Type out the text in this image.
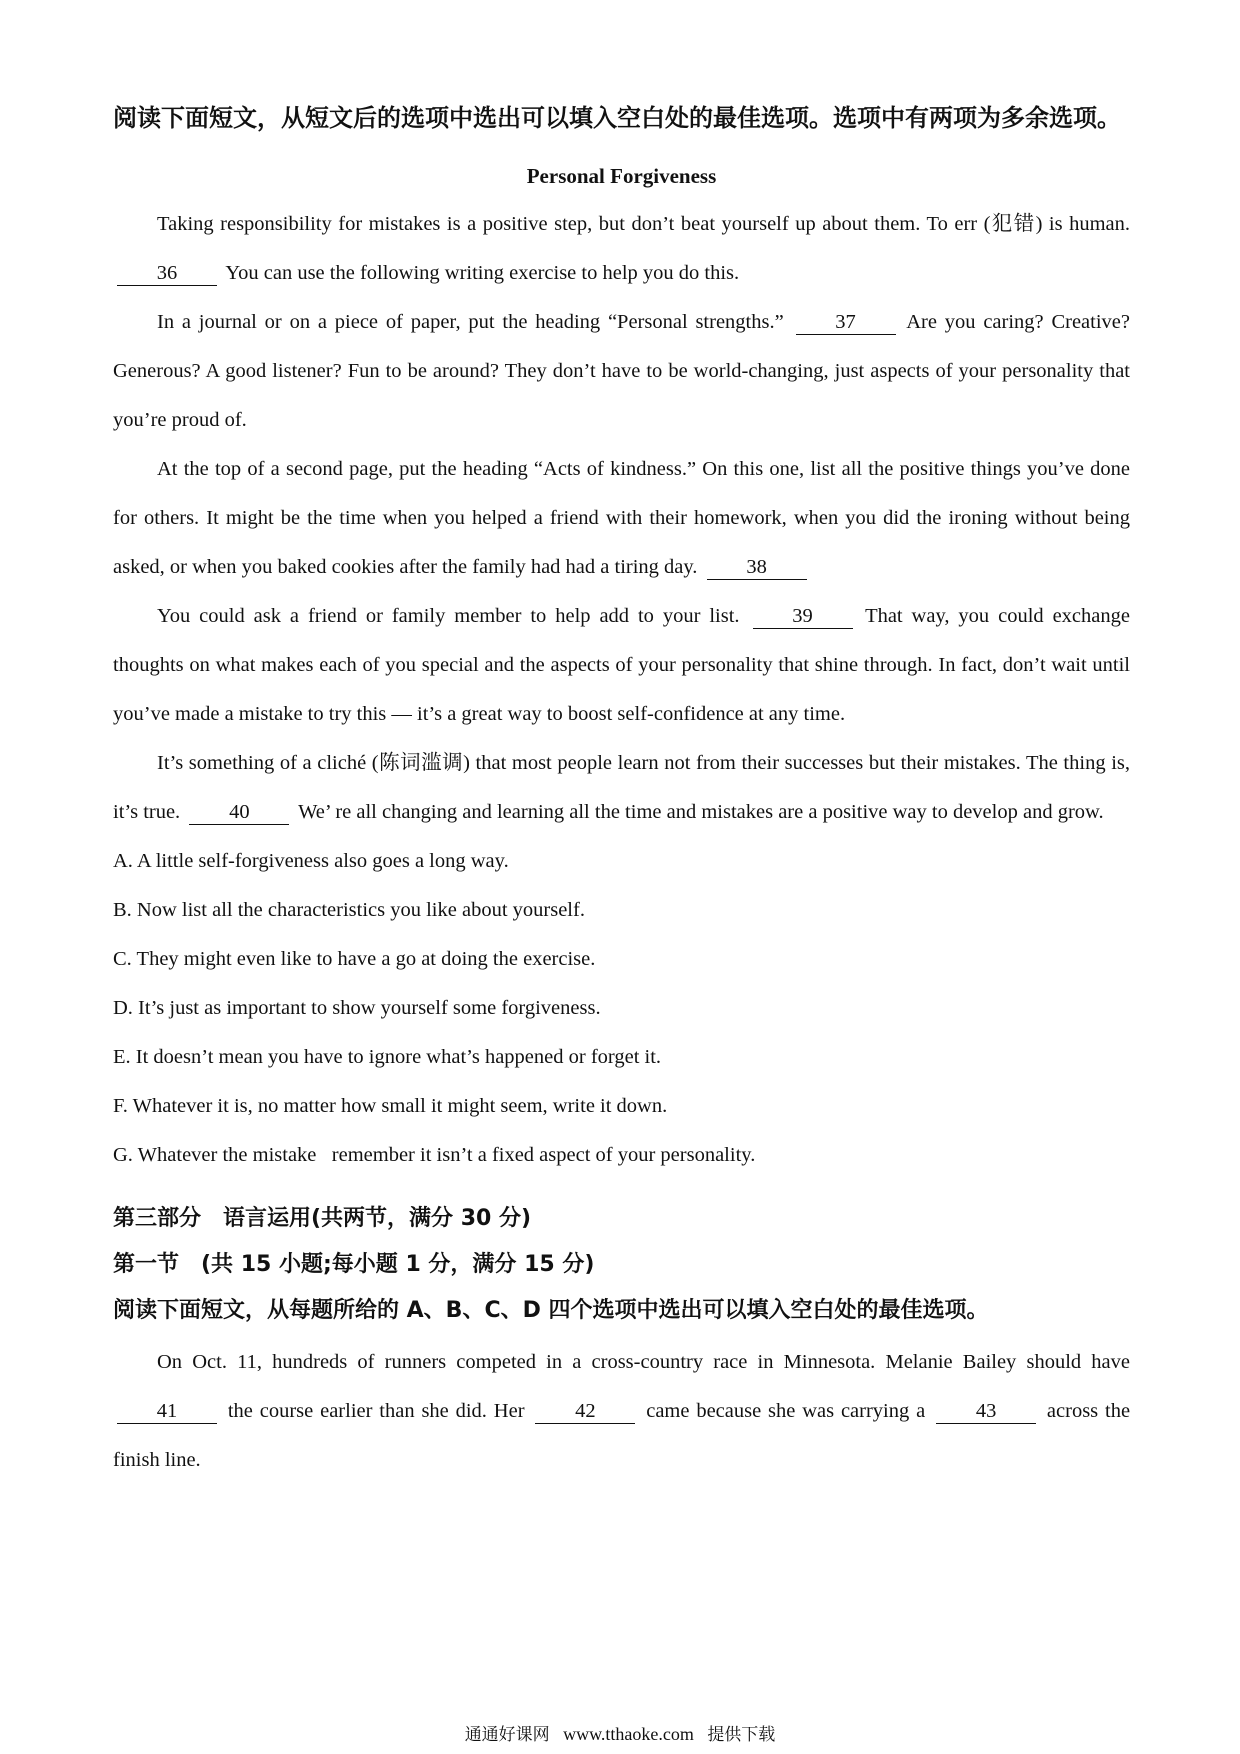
阅读下面短文，从短文后的选项中选出可以填入空白处的最佳选项。选项中有两项为多余选项。

Personal Forgiveness

Taking responsibility for mistakes is a positive step, but don’t beat yourself up about them. To err (犯错) is human. 36 You can use the following writing exercise to help you do this.

In a journal or on a piece of paper, put the heading “Personal strengths.”	37 Are you caring? Creative? Generous? A good listener? Fun to be around? They don’t have to be world-changing, just aspects of your personality that you’re proud of.

At the top of a second page, put the heading “Acts of kindness.” On this one, list all the positive things you’ve done for others. It might be the time when you helped a friend with their homework, when you did the ironing without being asked, or when you baked cookies after the family had had a tiring day. 38

You could ask a friend or family member to help add to your list.	39	That way, you could exchange thoughts on what makes each of you special and the aspects of your personality that shine through. In fact, don’t wait until you’ve made a mistake to try this — it’s a great way to boost self-confidence at any time.

It’s something of a cliché (陈词滥调) that most people learn not from their successes but their mistakes. The thing is, it’s true. 40 We’ re all changing and learning all the time and mistakes are a positive way to develop and grow.

A. A little self-forgiveness also goes a long way.

B. Now list all the characteristics you like about yourself.

C. They might even like to have a go at doing the exercise.

D. It’s just as important to show yourself some forgiveness.

E. It doesn’t mean you have to ignore what’s happened or forget it.

F. Whatever it is, no matter how small it might seem, write it down.

G. Whatever the mistake   remember it isn’t a fixed aspect of your personality.

第三部分　语言运用(共两节，满分 30 分)

第一节　(共 15 小题;每小题 1 分，满分 15 分)

阅读下面短文，从每题所给的 A、B、C、D 四个选项中选出可以填入空白处的最佳选项。

On Oct. 11, hundreds of runners competed in a cross-country race in Minnesota. Melanie Bailey should have 41 the course earlier than she did. Her 42 came because she was carrying a 43 across the finish line.

通通好课网 www.tthaoke.com 提供下载
